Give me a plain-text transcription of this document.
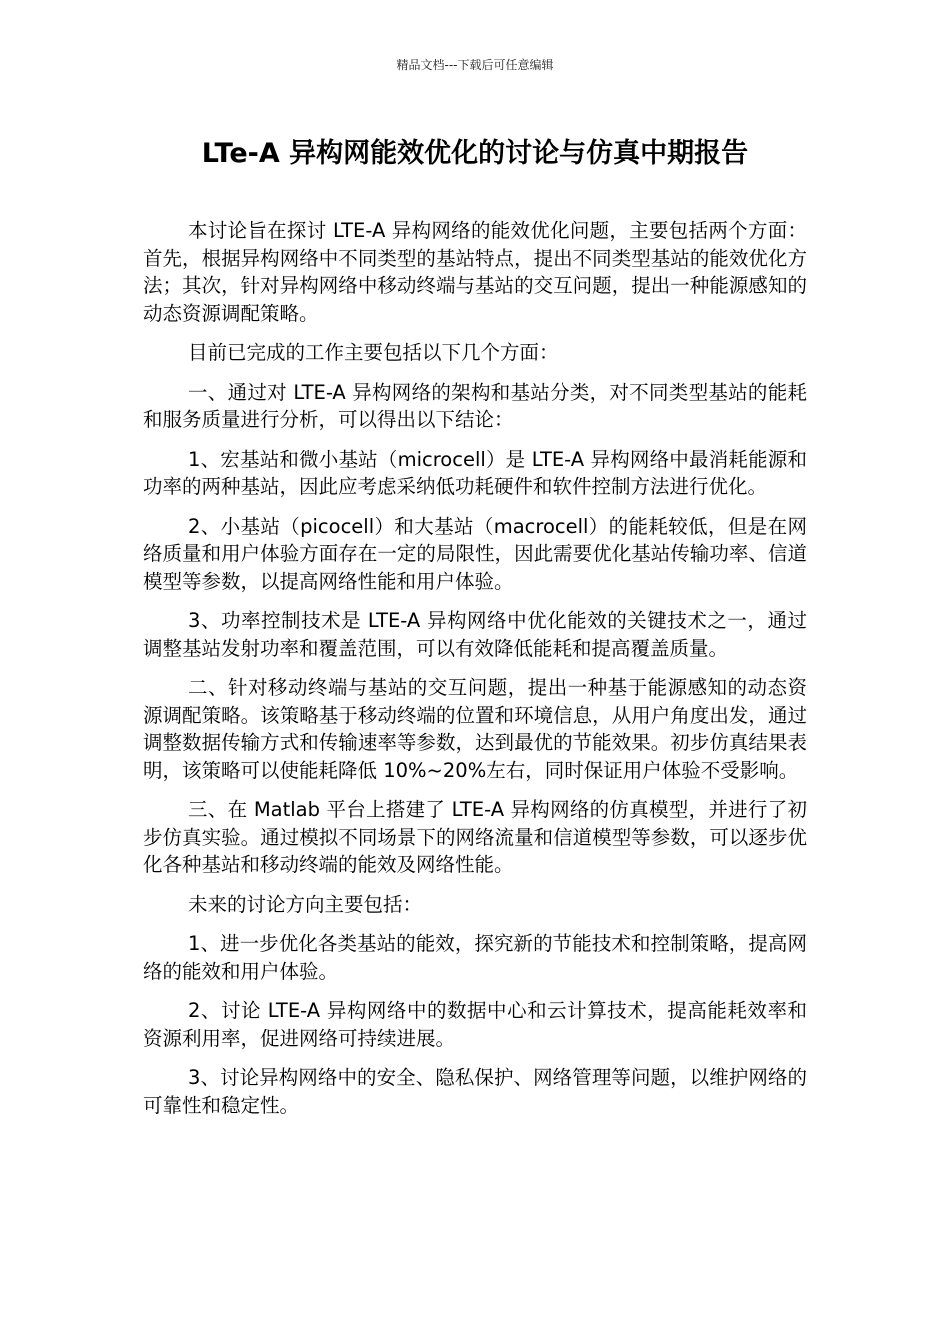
精品文档---下载后可任意编辑
LTe-A 异构网能效优化的讨论与仿真中期报告

本讨论旨在探讨 LTE-A 异构网络的能效优化问题，主要包括两个方面：首先，根据异构网络中不同类型的基站特点，提出不同类型基站的能效优化方法；其次，针对异构网络中移动终端与基站的交互问题，提出一种能源感知的动态资源调配策略。

目前已完成的工作主要包括以下几个方面：

一、通过对 LTE-A 异构网络的架构和基站分类，对不同类型基站的能耗和服务质量进行分析，可以得出以下结论：

1、宏基站和微小基站（microcell）是 LTE-A 异构网络中最消耗能源和功率的两种基站，因此应考虑采纳低功耗硬件和软件控制方法进行优化。

2、小基站（picocell）和大基站（macrocell）的能耗较低，但是在网络质量和用户体验方面存在一定的局限性，因此需要优化基站传输功率、信道模型等参数，以提高网络性能和用户体验。

3、功率控制技术是 LTE-A 异构网络中优化能效的关键技术之一，通过调整基站发射功率和覆盖范围，可以有效降低能耗和提高覆盖质量。

二、针对移动终端与基站的交互问题，提出一种基于能源感知的动态资源调配策略。该策略基于移动终端的位置和环境信息，从用户角度出发，通过调整数据传输方式和传输速率等参数，达到最优的节能效果。初步仿真结果表明，该策略可以使能耗降低 10%~20%左右，同时保证用户体验不受影响。

三、在 Matlab 平台上搭建了 LTE-A 异构网络的仿真模型，并进行了初步仿真实验。通过模拟不同场景下的网络流量和信道模型等参数，可以逐步优化各种基站和移动终端的能效及网络性能。

未来的讨论方向主要包括：

1、进一步优化各类基站的能效，探究新的节能技术和控制策略，提高网络的能效和用户体验。

2、讨论 LTE-A 异构网络中的数据中心和云计算技术，提高能耗效率和资源利用率，促进网络可持续进展。

3、讨论异构网络中的安全、隐私保护、网络管理等问题，以维护网络的可靠性和稳定性。
